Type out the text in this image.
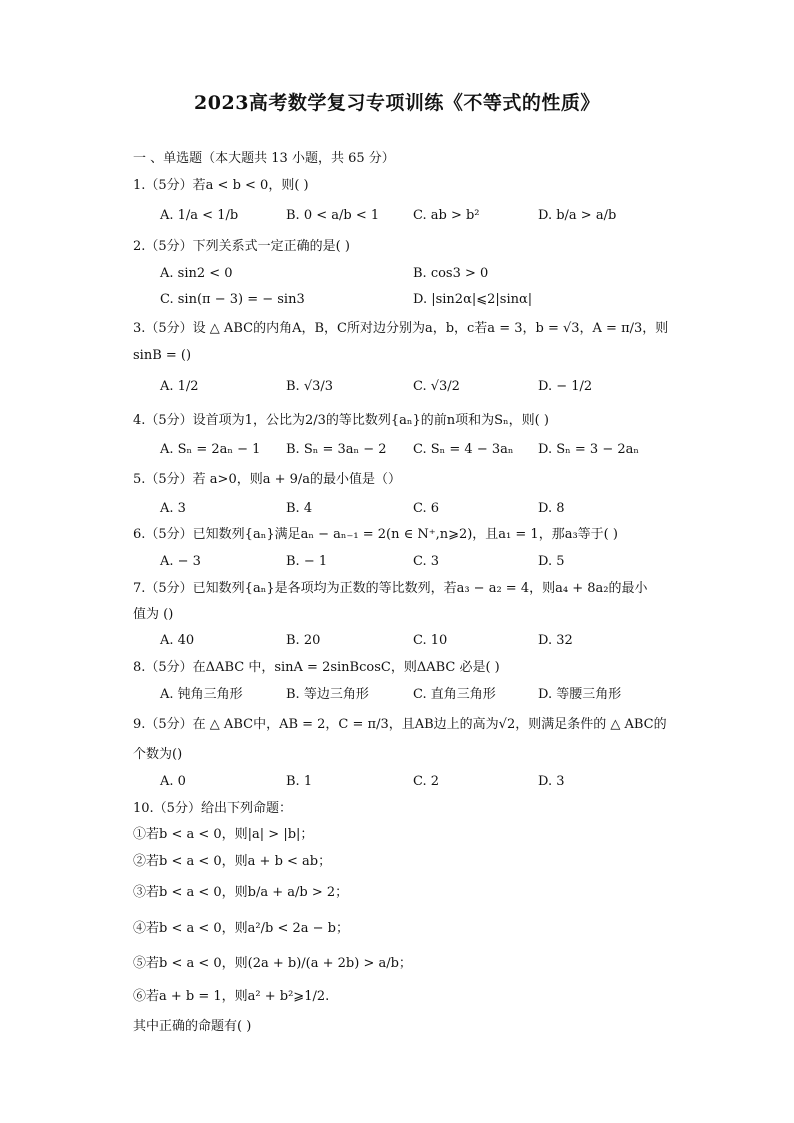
2023高考数学复习专项训练《不等式的性质》
一 、单选题（本大题共 13 小题，共 65 分）
1.（5分）若a < b < 0，则( )
A. 1/a < 1/b	B. 0 < a/b < 1	C. ab > b²	D. b/a > a/b
2.（5分）下列关系式一定正确的是( )
A. sin2 < 0	B. cos3 > 0
C. sin(π − 3) = − sin3	D. |sin2α|⩽2|sinα|
3.（5分）设 △ ABC的内角A，B，C所对边分别为a，b，c若a = 3，b = √3，A = π/3，则
sinB = ()
A. 1/2	B. √3/3	C. √3/2	D. − 1/2
4.（5分）设首项为1，公比为2/3的等比数列{aₙ}的前n项和为Sₙ，则( )
A. Sₙ = 2aₙ − 1 B. Sₙ = 3aₙ − 2 C. Sₙ = 4 − 3aₙ D. Sₙ = 3 − 2aₙ
5.（5分）若 a>0，则a + 9/a的最小值是（）
A. 3	B. 4	C. 6	D. 8
6.（5分）已知数列{aₙ}满足aₙ − aₙ₋₁ = 2(n ∈ N⁺,n⩾2)，且a₁ = 1，那a₃等于( )
A. − 3	B. − 1	C. 3	D. 5
7.（5分）已知数列{aₙ}是各项均为正数的等比数列，若a₃ − a₂ = 4，则a₄ + 8a₂的最小
值为 ()
A. 40	B. 20	C. 10	D. 32
8.（5分）在ΔABC 中，sinA = 2sinBcosC，则ΔABC 必是( )
A. 钝角三角形	B. 等边三角形	C. 直角三角形	D. 等腰三角形
9.（5分）在 △ ABC中，AB = 2，C = π/3，且AB边上的高为√2，则满足条件的 △ ABC的
个数为()
A. 0	B. 1	C. 2	D. 3
10.（5分）给出下列命题：
①若b < a < 0，则|a| > |b|；
②若b < a < 0，则a + b < ab；
③若b < a < 0，则b/a + a/b > 2；
④若b < a < 0，则a²/b < 2a − b；
⑤若b < a < 0，则(2a + b)/(a + 2b) > a/b；
⑥若a + b = 1，则a² + b²⩾1/2.
其中正确的命题有( )
